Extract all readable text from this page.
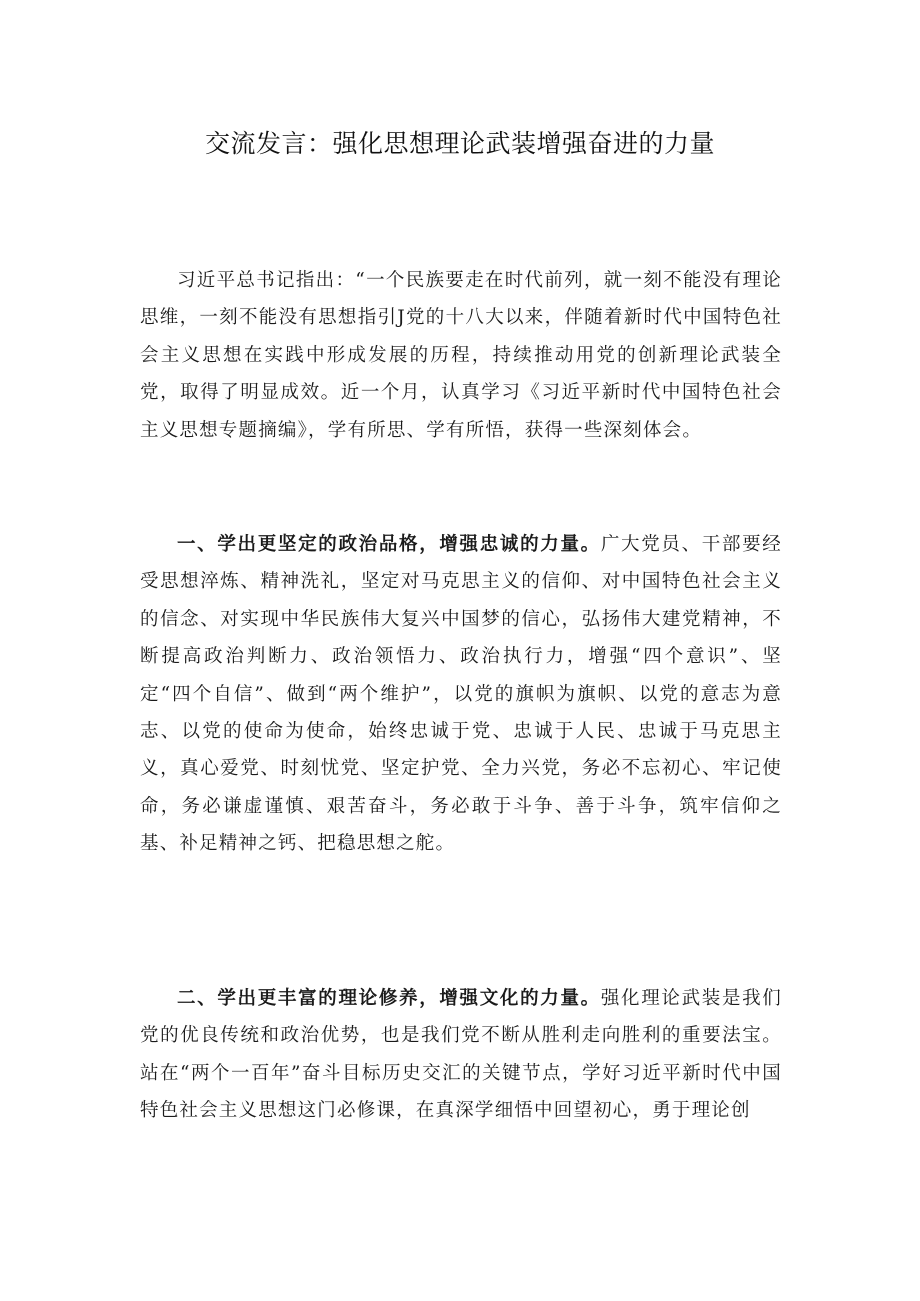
交流发言：强化思想理论武装增强奋进的力量

习近平总书记指出：“一个民族要走在时代前列，就一刻不能没有理论思维，一刻不能没有思想指引J党的十八大以来，伴随着新时代中国特色社会主义思想在实践中形成发展的历程，持续推动用党的创新理论武装全党，取得了明显成效。近一个月，认真学习《习近平新时代中国特色社会主义思想专题摘编》，学有所思、学有所悟，获得一些深刻体会。

一、学出更坚定的政治品格，增强忠诚的力量。广大党员、干部要经受思想淬炼、精神洗礼，坚定对马克思主义的信仰、对中国特色社会主义的信念、对实现中华民族伟大复兴中国梦的信心，弘扬伟大建党精神，不断提高政治判断力、政治领悟力、政治执行力，增强“四个意识”、坚定“四个自信”、做到“两个维护”，以党的旗帜为旗帜、以党的意志为意志、以党的使命为使命，始终忠诚于党、忠诚于人民、忠诚于马克思主义，真心爱党、时刻忧党、坚定护党、全力兴党，务必不忘初心、牢记使命，务必谦虚谨慎、艰苦奋斗，务必敢于斗争、善于斗争，筑牢信仰之基、补足精神之钙、把稳思想之舵。

二、学出更丰富的理论修养，增强文化的力量。强化理论武装是我们党的优良传统和政治优势，也是我们党不断从胜利走向胜利的重要法宝。站在“两个一百年”奋斗目标历史交汇的关键节点，学好习近平新时代中国特色社会主义思想这门必修课，在真深学细悟中回望初心，勇于理论创
